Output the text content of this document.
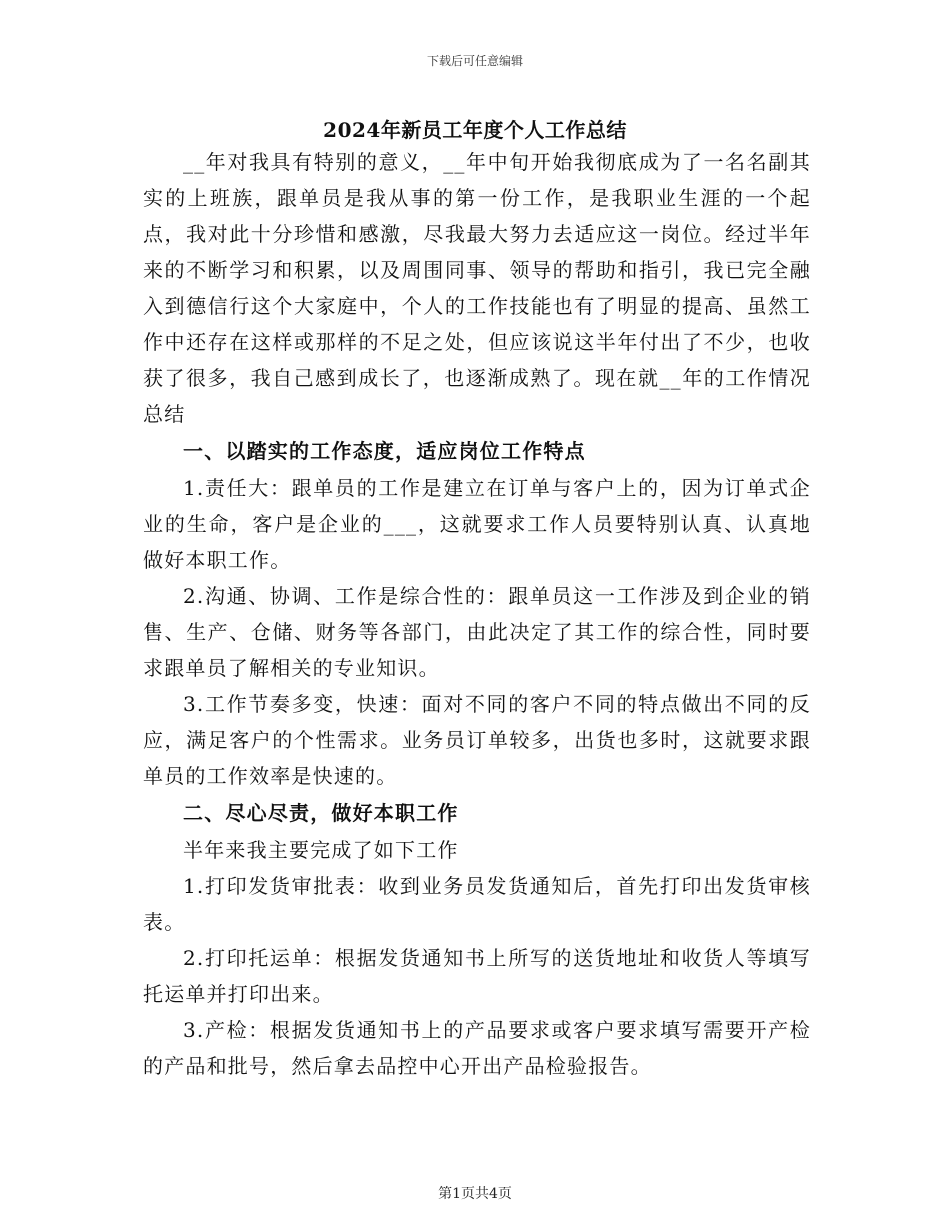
下载后可任意编辑
2024年新员工年度个人工作总结

__年对我具有特别的意义，__年中旬开始我彻底成为了一名名副其实的上班族，跟单员是我从事的第一份工作，是我职业生涯的一个起点，我对此十分珍惜和感激，尽我最大努力去适应这一岗位。经过半年来的不断学习和积累，以及周围同事、领导的帮助和指引，我已完全融入到德信行这个大家庭中，个人的工作技能也有了明显的提高、虽然工作中还存在这样或那样的不足之处，但应该说这半年付出了不少，也收获了很多，我自己感到成长了，也逐渐成熟了。现在就__年的工作情况总结

一、以踏实的工作态度，适应岗位工作特点

1.责任大：跟单员的工作是建立在订单与客户上的，因为订单式企业的生命，客户是企业的___，这就要求工作人员要特别认真、认真地做好本职工作。

2.沟通、协调、工作是综合性的：跟单员这一工作涉及到企业的销售、生产、仓储、财务等各部门，由此决定了其工作的综合性，同时要求跟单员了解相关的专业知识。

3.工作节奏多变，快速：面对不同的客户不同的特点做出不同的反应，满足客户的个性需求。业务员订单较多，出货也多时，这就要求跟单员的工作效率是快速的。

二、尽心尽责，做好本职工作

半年来我主要完成了如下工作

1.打印发货审批表：收到业务员发货通知后，首先打印出发货审核表。

2.打印托运单：根据发货通知书上所写的送货地址和收货人等填写托运单并打印出来。

3.产检：根据发货通知书上的产品要求或客户要求填写需要开产检的产品和批号，然后拿去品控中心开出产品检验报告。

第1页共4页
